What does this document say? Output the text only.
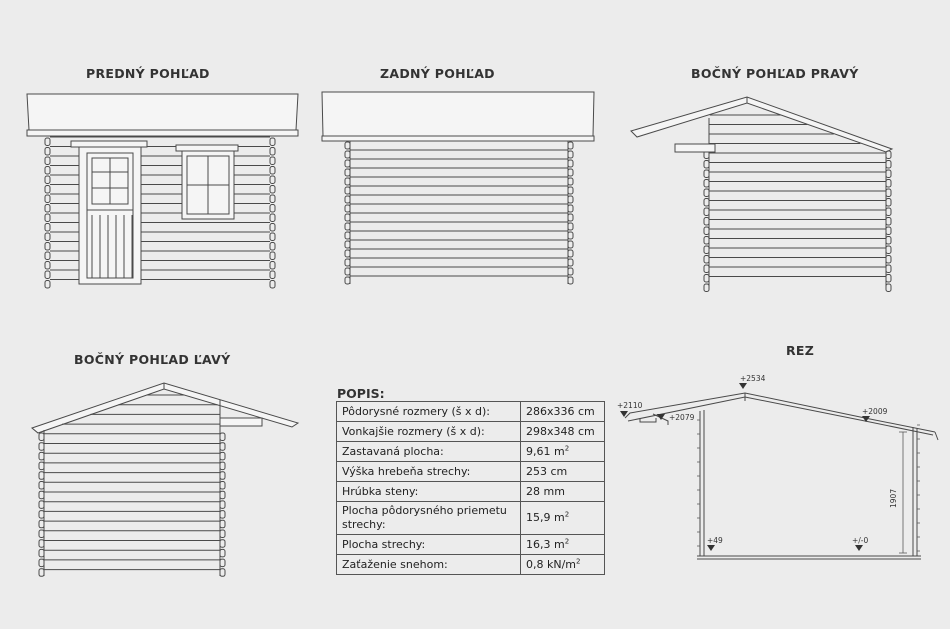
PREDNÝ POHĽAD	ZADNÝ POHĽAD	BOČNÝ POHĽAD PRAVÝ
BOČNÝ POHĽAD ĽAVÝ
REZ
+2534
+2110
+2079
+2009
+49	+/-0
1907
POPIS:
Pôdorysné rozmery (š x d):	286x336 cm
Vonkajšie rozmery (š x d):	298x348 cm
Zastavaná plocha:	9,61 $m^2$
Výška hrebeňa strechy:	253 cm
Hrúbka steny:	28 mm
Plocha pôdorysného priemetu strechy:	15,9 $m^2$
Plocha strechy:	16,3 $m^2$
Zaťaženie snehom:	0,8 $kN/m^2$
